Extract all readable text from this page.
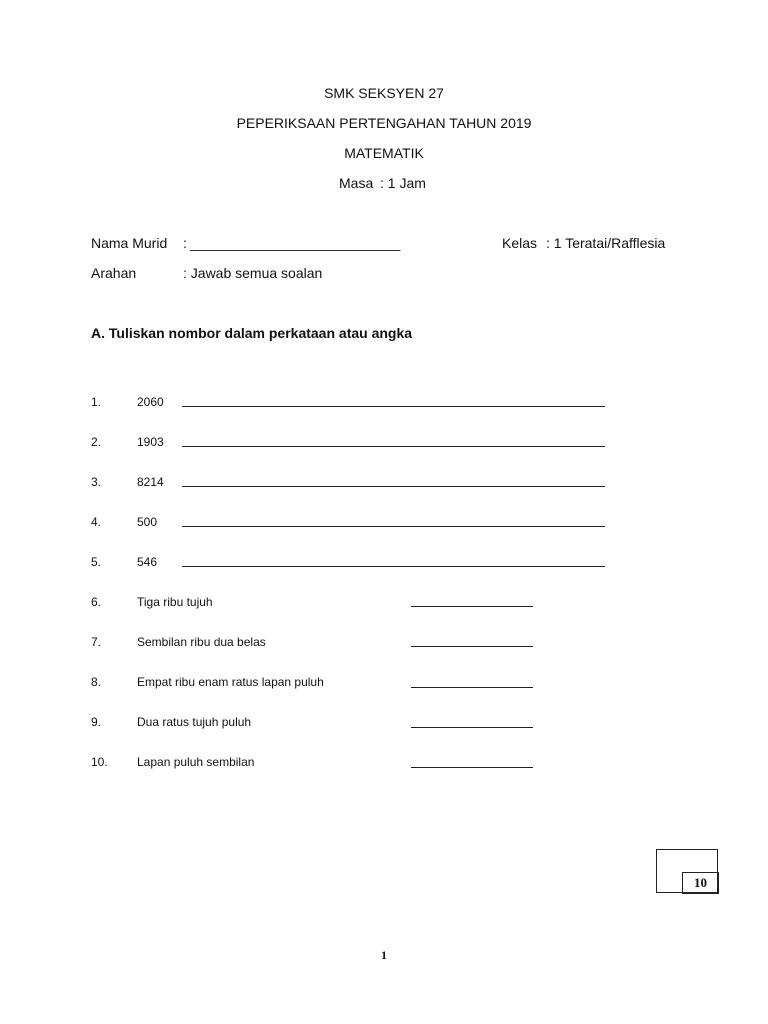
SMK SEKSYEN 27
PEPERIKSAAN PERTENGAHAN TAHUN 2019
MATEMATIK
Masa : 1 Jam
Nama Murid : ___________________________	Kelas : 1 Teratai/Rafflesia
Arahan	: Jawab semua soalan
A. Tuliskan nombor dalam perkataan atau angka
1.	2060
2.	1903
3.	8214
4.	500
5.	546
6.	Tiga ribu tujuh
7.	Sembilan ribu dua belas
8.	Empat ribu enam ratus lapan puluh
9.	Dua ratus tujuh puluh
10. Lapan puluh sembilan
10
1
